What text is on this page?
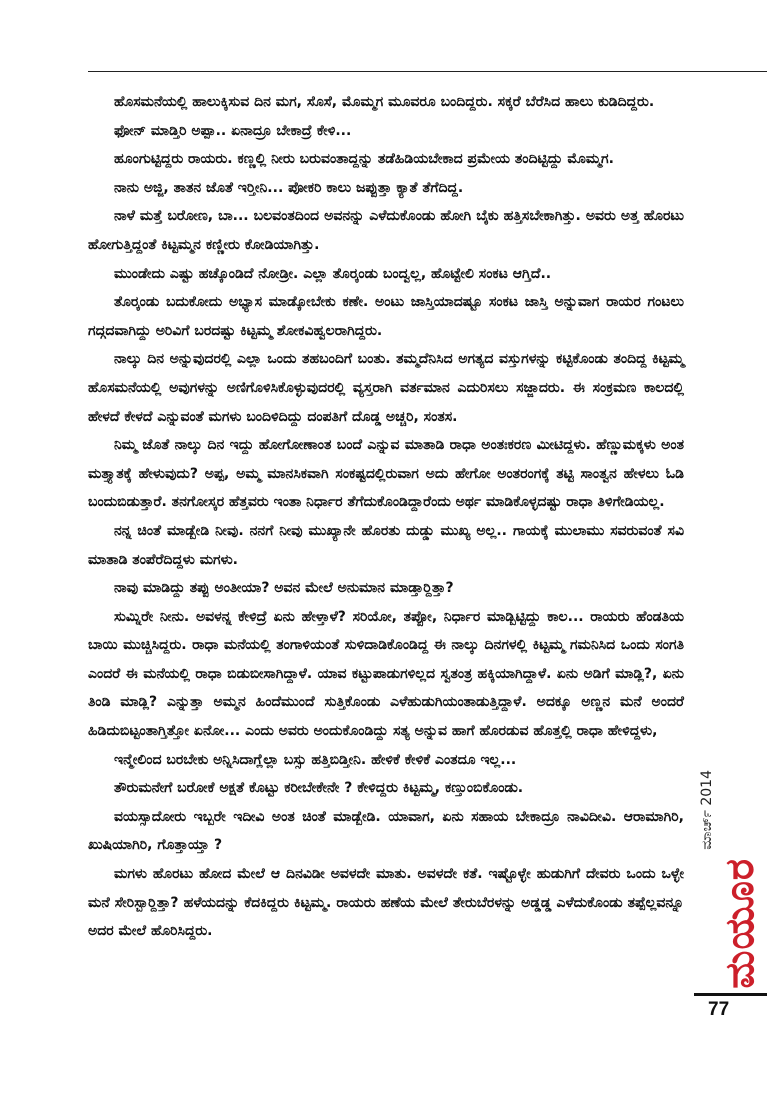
ಹೊಸಮನೆಯಲ್ಲಿ ಹಾಲುಕ್ಕಿಸುವ ದಿನ ಮಗ, ಸೊಸೆ, ಮೊಮ್ಮಗ ಮೂವರೂ ಬಂದಿದ್ದರು. ಸಕ್ಕರೆ ಬೆರೆಸಿದ ಹಾಲು ಕುಡಿದಿದ್ದರು.

ಫೋನ್ ಮಾಡ್ತಿರಿ ಅಪ್ಪಾ.. ಏನಾದ್ರೂ ಬೇಕಾದ್ರೆ ಕೇಳಿ...

ಹೂಂಗುಟ್ಟಿದ್ದರು ರಾಯರು. ಕಣ್ಣಲ್ಲಿ ನೀರು ಬರುವಂತಾದ್ದನ್ನು ತಡೆಹಿಡಿಯಬೇಕಾದ ಪ್ರಮೇಯ ತಂದಿಟ್ಟಿದ್ದು ಮೊಮ್ಮಗ.

ನಾನು ಅಜ್ಜಿ, ತಾತನ ಜೊತೆ ಇರ್‍ತೀನಿ... ಪೋಕರಿ ಕಾಲು ಜಪ್ಪುತ್ತಾ ಕ್ಯಾತೆ ತೆಗೆದಿದ್ದ.

ನಾಳೆ ಮತ್ತೆ ಬರೋಣ, ಬಾ... ಬಲವಂತದಿಂದ ಅವನನ್ನು ಎಳೆದುಕೊಂಡು ಹೋಗಿ ಬೈಕು ಹತ್ತಿಸಬೇಕಾಗಿತ್ತು. ಅವರು ಅತ್ತ ಹೊರಟು ಹೋಗುತ್ತಿದ್ದಂತೆ ಕಿಟ್ಟಮ್ಮನ ಕಣ್ಣೀರು ಕೋಡಿಯಾಗಿತ್ತು.

ಮುಂಡೇದು ಎಷ್ಟು ಹಚ್ಕೊಂಡಿದೆ ನೋಡ್ರೀ. ಎಲ್ಲಾ ತೊರ್‍ಕಂಡು ಬಂದ್ವಲ್ಲ, ಹೊಟ್ಟೇಲಿ ಸಂಕಟ ಆಗ್ತಿದೆ..

ತೊರ್‍ಕಂಡು ಬದುಕೋದು ಅಭ್ಯಾಸ ಮಾಡ್ಕೋಬೇಕು ಕಣೇ. ಅಂಟು ಜಾಸ್ತಿಯಾದಷ್ಟೂ ಸಂಕಟ ಜಾಸ್ತಿ ಅನ್ನುವಾಗ ರಾಯರ ಗಂಟಲು ಗದ್ಗದವಾಗಿದ್ದು ಅರಿವಿಗೆ ಬರದಷ್ಟು ಕಿಟ್ಟಮ್ಮ ಶೋಕವಿಹ್ವಲರಾಗಿದ್ದರು.

ನಾಲ್ಕು ದಿನ ಅನ್ನುವುದರಲ್ಲಿ ಎಲ್ಲಾ ಒಂದು ತಹಬಂದಿಗೆ ಬಂತು. ತಮ್ಮದೆನಿಸಿದ ಅಗತ್ಯದ ವಸ್ತುಗಳನ್ನು ಕಟ್ಟಿಕೊಂಡು ತಂದಿದ್ದ ಕಿಟ್ಟಮ್ಮ ಹೊಸಮನೆಯಲ್ಲಿ ಅವುಗಳನ್ನು ಅಣಿಗೊಳಿಸಿಕೊಳ್ಳುವುದರಲ್ಲಿ ವ್ಯಸ್ತರಾಗಿ ವರ್ತಮಾನ ಎದುರಿಸಲು ಸಜ್ಜಾದರು. ಈ ಸಂಕ್ರಮಣ ಕಾಲದಲ್ಲಿ ಹೇಳದೆ ಕೇಳದೆ ಎನ್ನುವಂತೆ ಮಗಳು ಬಂದಿಳಿದಿದ್ದು ದಂಪತಿಗೆ ದೊಡ್ಡ ಅಚ್ಚರಿ, ಸಂತಸ.

ನಿಮ್ಮ ಜೊತೆ ನಾಲ್ಕು ದಿನ ಇದ್ದು ಹೋಗೋಣಾಂತ ಬಂದೆ ಎನ್ನುವ ಮಾತಾಡಿ ರಾಧಾ ಅಂತಃಕರಣ ಮೀಟಿದ್ದಳು. ಹೆಣ್ಣುಮಕ್ಕಳು ಅಂತ ಮತ್ತ್ಯಾತಕ್ಕೆ ಹೇಳುವುದು? ಅಪ್ಪ, ಅಮ್ಮ ಮಾನಸಿಕವಾಗಿ ಸಂಕಷ್ಟದಲ್ಲಿರುವಾಗ ಅದು ಹೇಗೋ ಅಂತರಂಗಕ್ಕೆ ತಟ್ಟಿ ಸಾಂತ್ವನ ಹೇಳಲು ಓಡಿ ಬಂದುಬಿಡುತ್ತಾರೆ. ತನಗೋಸ್ಕರ ಹೆತ್ತವರು ಇಂತಾ ನಿರ್ಧಾರ ತೆಗೆದುಕೊಂಡಿದ್ದಾರೆಂದು ಅರ್ಥ ಮಾಡಿಕೊಳ್ಳದಷ್ಟು ರಾಧಾ ತಿಳಿಗೇಡಿಯಲ್ಲ.

ನನ್ನ ಚಿಂತೆ ಮಾಡ್ಬೇಡಿ ನೀವು. ನನಗೆ ನೀವು ಮುಖ್ಯಾನೇ ಹೊರತು ದುಡ್ಡು ಮುಖ್ಯ ಅಲ್ಲ.. ಗಾಯಕ್ಕೆ ಮುಲಾಮು ಸವರುವಂತೆ ಸವಿ ಮಾತಾಡಿ ತಂಪೆರೆದಿದ್ದಳು ಮಗಳು.

ನಾವು ಮಾಡಿದ್ದು ತಪ್ಪು ಅಂತೀಯಾ? ಅವನ ಮೇಲೆ ಅನುಮಾನ ಮಾಡ್ತಾರ್‍ದಿತ್ತಾ?

ಸುಮ್ನಿರೇ ನೀನು. ಅವಳನ್ನ ಕೇಳಿದ್ರೆ ಏನು ಹೇಳ್ತಾಳೆ? ಸರಿಯೋ, ತಪ್ಪೋ, ನಿರ್ಧಾರ ಮಾಡ್ಬಿಟ್ಟಿದ್ದು ಕಾಲ... ರಾಯರು ಹೆಂಡತಿಯ ಬಾಯಿ ಮುಚ್ಚಿಸಿದ್ದರು. ರಾಧಾ ಮನೆಯಲ್ಲಿ ತಂಗಾಳಿಯಂತೆ ಸುಳಿದಾಡಿಕೊಂಡಿದ್ದ ಈ ನಾಲ್ಕು ದಿನಗಳಲ್ಲಿ ಕಿಟ್ಟಮ್ಮ ಗಮನಿಸಿದ ಒಂದು ಸಂಗತಿ ಎಂದರೆ ಈ ಮನೆಯಲ್ಲಿ ರಾಧಾ ಬಿಡುಬೀಸಾಗಿದ್ದಾಳೆ. ಯಾವ ಕಟ್ಟುಪಾಡುಗಳಿಲ್ಲದ ಸ್ವತಂತ್ರ ಹಕ್ಕಿಯಾಗಿದ್ದಾಳೆ. ಏನು ಅಡಿಗೆ ಮಾಡ್ಲಿ?, ಏನು ತಿಂಡಿ ಮಾಡ್ಲಿ? ಎನ್ನುತ್ತಾ ಅಮ್ಮನ ಹಿಂದೆಮುಂದೆ ಸುತ್ತಿಕೊಂಡು ಎಳೆಹುಡುಗಿಯಂತಾಡುತ್ತಿದ್ದಾಳೆ. ಅದಕ್ಕೂ ಅಣ್ಣನ ಮನೆ ಅಂದರೆ ಹಿಡಿದುಬಿಟ್ಟಂತಾಗ್ತಿತ್ತೋ ಏನೋ... ಎಂದು ಅವರು ಅಂದುಕೊಂಡಿದ್ದು ಸತ್ಯ ಅನ್ನುವ ಹಾಗೆ ಹೊರಡುವ ಹೊತ್ತಲ್ಲಿ ರಾಧಾ ಹೇಳಿದ್ದಳು,

ಇನ್ಮೇಲಿಂದ ಬರಬೇಕು ಅನ್ನಿಸಿದಾಗ್ಲೆಲ್ಲಾ ಬಸ್ಸು ಹತ್ತಿಬಿಡ್ತೀನಿ. ಹೇಳಿಕೆ ಕೇಳಿಕೆ ಎಂತದೂ ಇಲ್ಲ...

ತೌರುಮನೇಗೆ ಬರೋಕೆ ಅಕ್ಷತೆ ಕೊಟ್ಟು ಕರೀಬೇಕೇನೇ ? ಕೇಳಿದ್ದರು ಕಿಟ್ಟಮ್ಮ, ಕಣ್ತುಂಬಿಕೊಂಡು.

ವಯಸ್ಸಾದೋರು ಇಬ್ಬರೇ ಇದೀವಿ ಅಂತ ಚಿಂತೆ ಮಾಡ್ಬೇಡಿ. ಯಾವಾಗ, ಏನು ಸಹಾಯ ಬೇಕಾದ್ರೂ ನಾವಿದೀವಿ. ಆರಾಮಾಗಿರಿ, ಖುಷಿಯಾಗಿರಿ, ಗೊತ್ತಾಯ್ತಾ ?

ಮಗಳು ಹೊರಟು ಹೋದ ಮೇಲೆ ಆ ದಿನವಿಡೀ ಅವಳದೇ ಮಾತು. ಅವಳದೇ ಕತೆ. ಇಷ್ಟೊಳ್ಳೇ ಹುಡುಗಿಗೆ ದೇವರು ಒಂದು ಒಳ್ಳೇ ಮನೆ ಸೇರಿಸ್ಬಾರ್‍ದಿತ್ತಾ? ಹಳೆಯದನ್ನು ಕೆದಕಿದ್ದರು ಕಿಟ್ಟಮ್ಮ. ರಾಯರು ಹಣೆಯ ಮೇಲೆ ತೇರುಬೆರಳನ್ನು ಅಡ್ಡಡ್ಡ ಎಳೆದುಕೊಂಡು ತಪ್ಪೆಲ್ಲವನ್ನೂ ಅದರ ಮೇಲೆ ಹೊರಿಸಿದ್ದರು.

ಮಾರ್ಚ್ 2014
ಮಯೂರ
77
